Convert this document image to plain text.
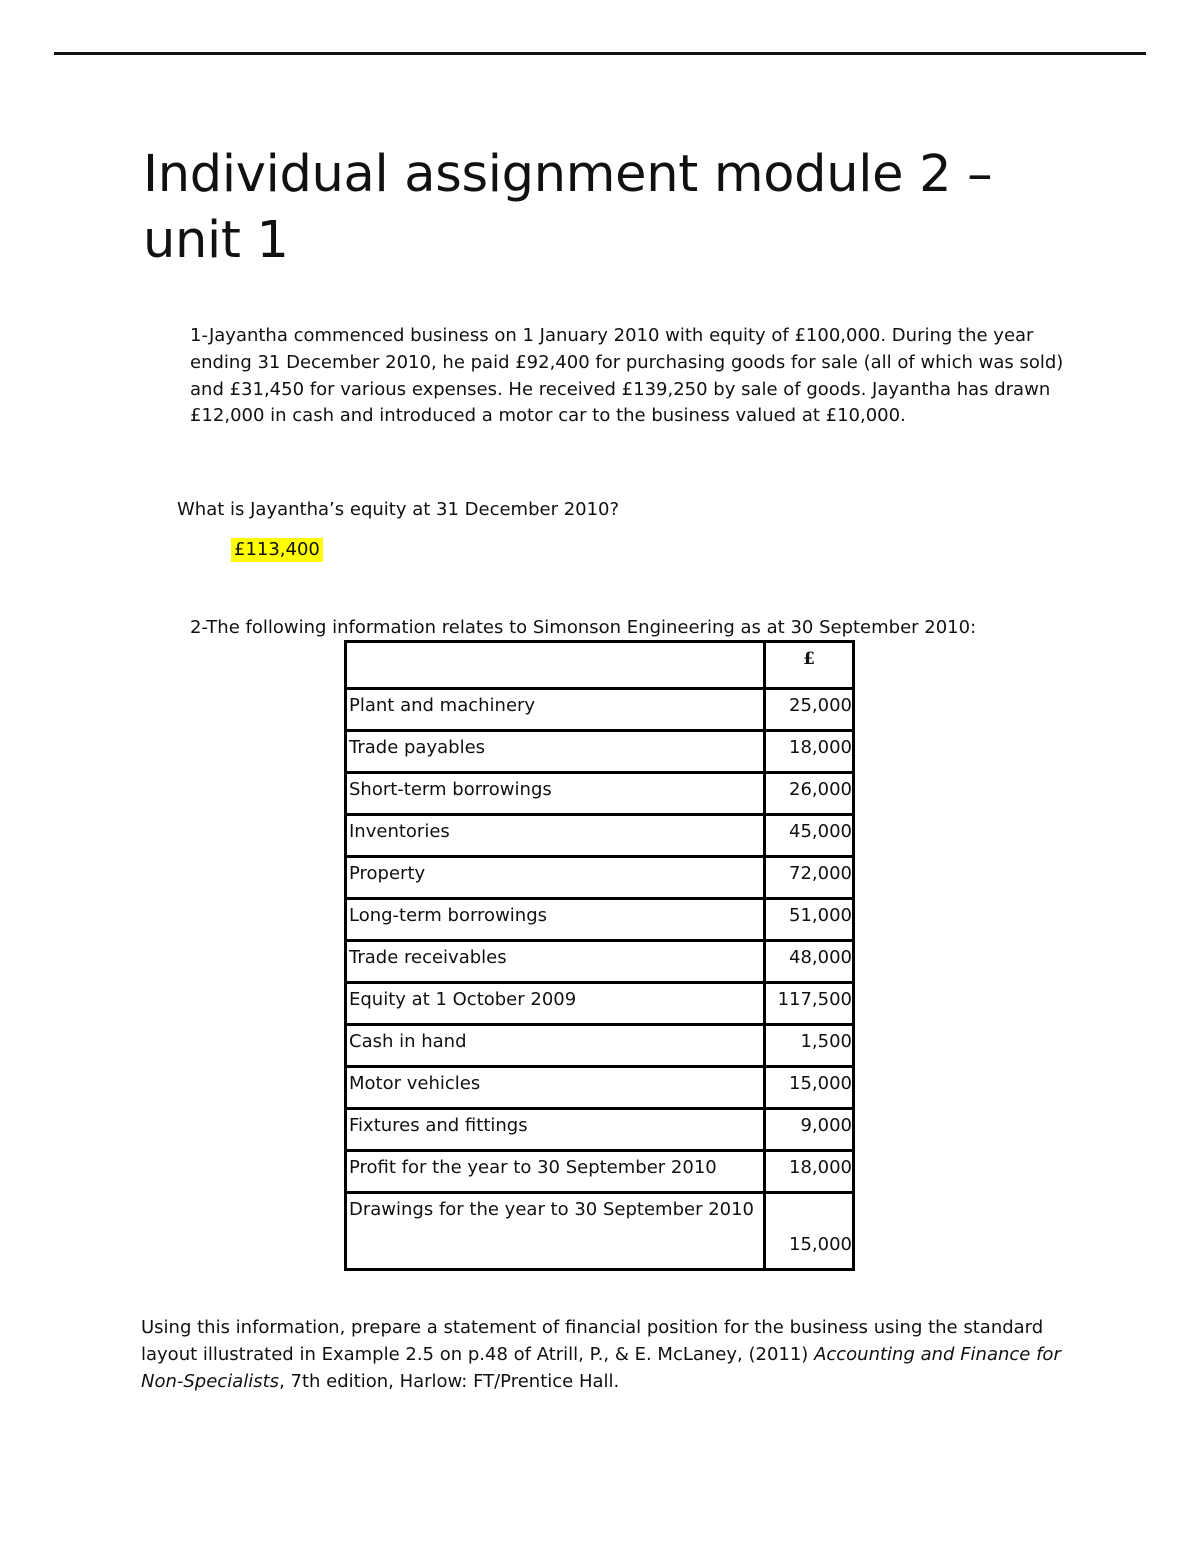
Individual assignment module 2 – unit 1

1-Jayantha commenced business on 1 January 2010 with equity of £100,000. During the year ending 31 December 2010, he paid £92,400 for purchasing goods for sale (all of which was sold) and £31,450 for various expenses. He received £139,250 by sale of goods. Jayantha has drawn £12,000 in cash and introduced a motor car to the business valued at £10,000.

What is Jayantha’s equity at 31 December 2010?

£113,400

2-The following information relates to Simonson Engineering as at 30 September 2010:

	£
Plant and machinery	25,000
Trade payables	18,000
Short-term borrowings	26,000
Inventories	45,000
Property	72,000
Long-term borrowings	51,000
Trade receivables	48,000
Equity at 1 October 2009	117,500
Cash in hand	1,500
Motor vehicles	15,000
Fixtures and fittings	9,000
Profit for the year to 30 September 2010	18,000
Drawings for the year to 30 September 2010	15,000

Using this information, prepare a statement of financial position for the business using the standard layout illustrated in Example 2.5 on p.48 of Atrill, P., & E. McLaney, (2011) Accounting and Finance for Non-Specialists, 7th edition, Harlow: FT/Prentice Hall.
